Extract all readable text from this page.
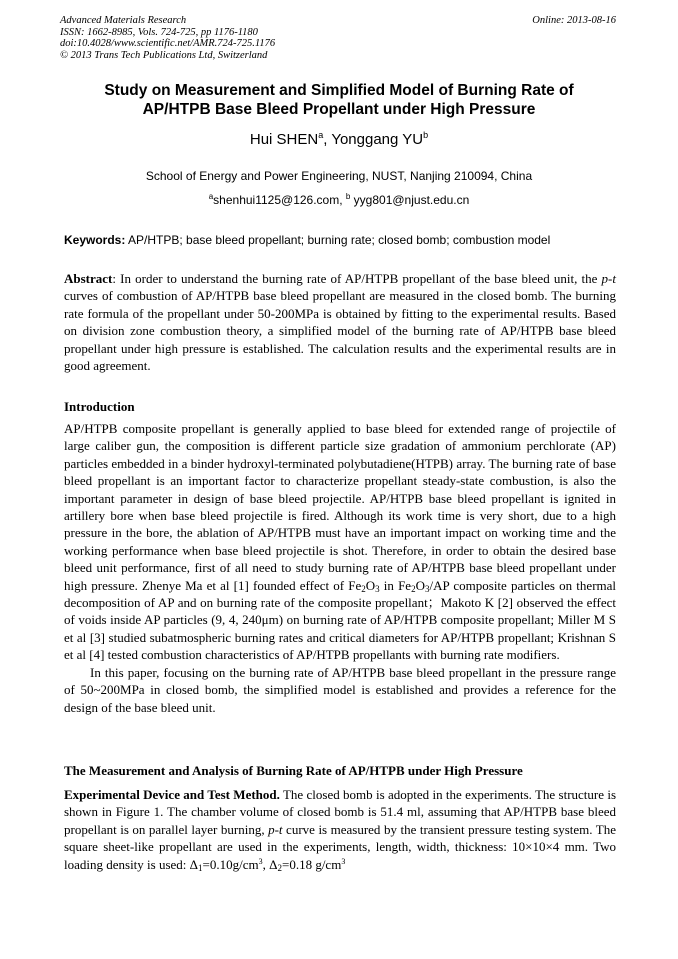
Advanced Materials Research
ISSN: 1662-8985, Vols. 724-725, pp 1176-1180
doi:10.4028/www.scientific.net/AMR.724-725.1176
© 2013 Trans Tech Publications Ltd, Switzerland
Online: 2013-08-16
Study on Measurement and Simplified Model of Burning Rate of
AP/HTPB Base Bleed Propellant under High Pressure
Hui SHEN$^a$, Yonggang $YU^b$
School of Energy and Power Engineering, NUST, Nanjing 210094, China
$^a$shenhui1125@126.com, $^b$ yyg801@njust.edu.cn
Keywords: AP/HTPB; base bleed propellant; burning rate; closed bomb; combustion model
Abstract: In order to understand the burning rate of AP/HTPB propellant of the base bleed unit, the p-t curves of combustion of AP/HTPB base bleed propellant are measured in the closed bomb. The burning rate formula of the propellant under 50-200MPa is obtained by fitting to the experimental results. Based on division zone combustion theory, a simplified model of the burning rate of AP/HTPB base bleed propellant under high pressure is established. The calculation results and the experimental results are in good agreement.
Introduction

AP/HTPB composite propellant is generally applied to base bleed for extended range of projectile of large caliber gun, the composition is different particle size gradation of ammonium perchlorate (AP) particles embedded in a binder hydroxyl-terminated polybutadiene(HTPB) array. The burning rate of base bleed propellant is an important factor to characterize propellant steady-state combustion, is also the important parameter in design of base bleed projectile. AP/HTPB base bleed propellant is ignited in artillery bore when base bleed projectile is fired. Although its work time is very short, due to a high pressure in the bore, the ablation of AP/HTPB must have an important impact on working time and the working performance when base bleed projectile is shot. Therefore, in order to obtain the desired base bleed unit performance, first of all need to study burning rate of AP/HTPB base bleed propellant under high pressure. Zhenye Ma et al [1] founded effect of $Fe_2O_3$ in $Fe_2O_3/AP$ composite particles on thermal decomposition of AP and on burning rate of the composite propellant；Makoto K [2] observed the effect of voids inside AP particles (9, 4, 240μm) on burning rate of AP/HTPB composite propellant; Miller M S et al [3] studied subatmospheric burning rates and critical diameters for AP/HTPB propellant; Krishnan S et al [4] tested combustion characteristics of AP/HTPB propellants with burning rate modifiers.

In this paper, focusing on the burning rate of AP/HTPB base bleed propellant in the pressure range of 50~200MPa in closed bomb, the simplified model is established and provides a reference for the design of the base bleed unit.

The Measurement and Analysis of Burning Rate of AP/HTPB under High Pressure
Experimental Device and Test Method. The closed bomb is adopted in the experiments. The structure is shown in Figure 1. The chamber volume of closed bomb is 51.4 ml, assuming that AP/HTPB base bleed propellant is on parallel layer burning, p-t curve is measured by the transient pressure testing system. The square sheet-like propellant are used in the experiments, length, width, thickness: 10×10×4 mm. Two loading density is used: $\Delta_1=0.10g/cm^3$, $\Delta_2=0.18$ $g/cm^3$
